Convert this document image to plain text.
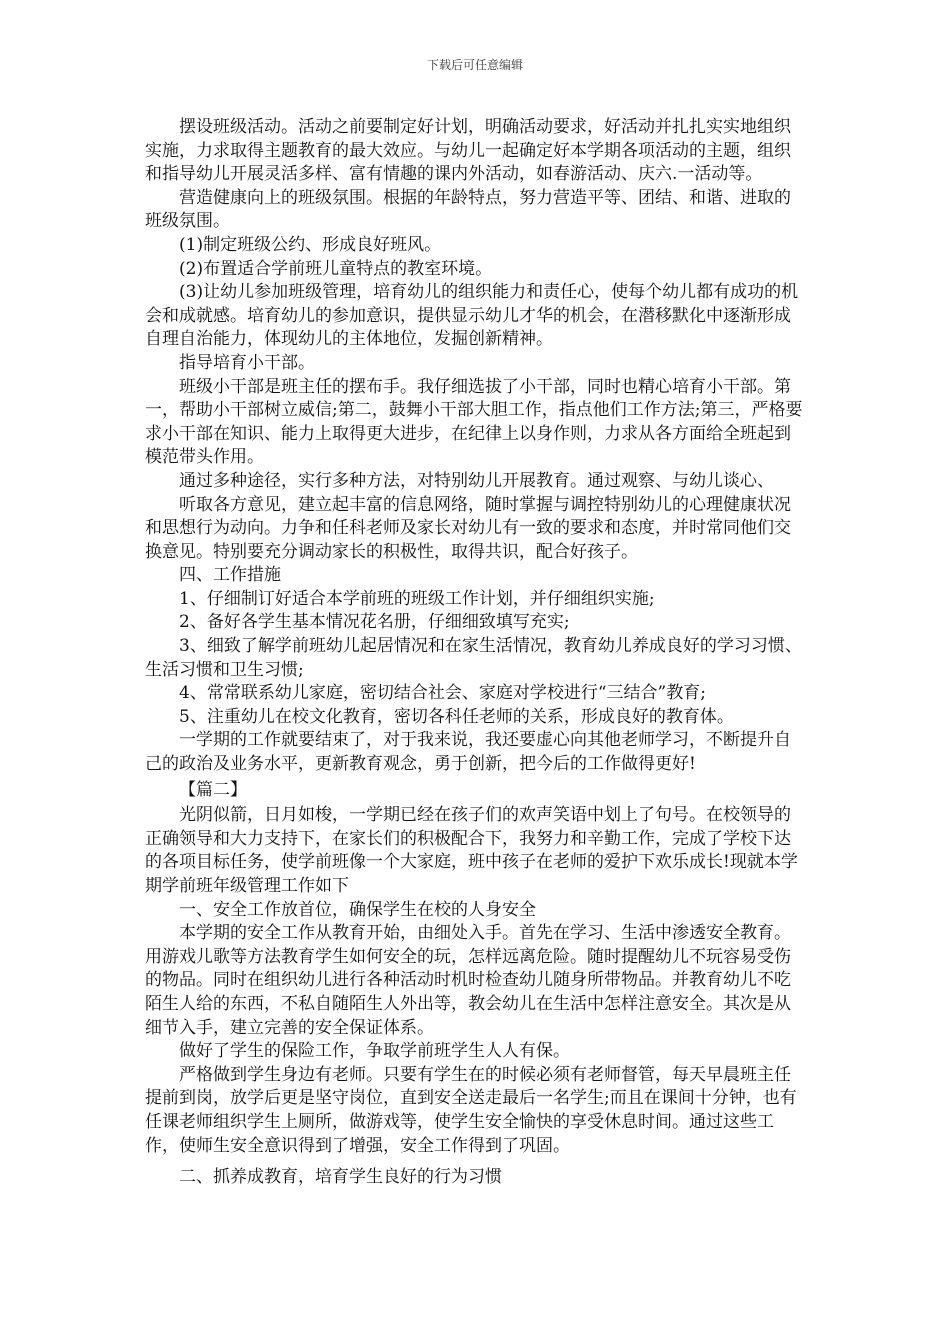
下载后可任意编辑

摆设班级活动。活动之前要制定好计划，明确活动要求，好活动并扎扎实实地组织实施，力求取得主题教育的最大效应。与幼儿一起确定好本学期各项活动的主题，组织和指导幼儿开展灵活多样、富有情趣的课内外活动，如春游活动、庆六.一活动等。

营造健康向上的班级氛围。根据的年龄特点，努力营造平等、团结、和谐、进取的班级氛围。

(1)制定班级公约、形成良好班风。

(2)布置适合学前班儿童特点的教室环境。

(3)让幼儿参加班级管理，培育幼儿的组织能力和责任心，使每个幼儿都有成功的机会和成就感。培育幼儿的参加意识，提供显示幼儿才华的机会，在潜移默化中逐渐形成自理自治能力，体现幼儿的主体地位，发掘创新精神。

指导培育小干部。

班级小干部是班主任的摆布手。我仔细选拔了小干部，同时也精心培育小干部。第一，帮助小干部树立威信;第二，鼓舞小干部大胆工作，指点他们工作方法;第三，严格要求小干部在知识、能力上取得更大进步，在纪律上以身作则，力求从各方面给全班起到模范带头作用。

通过多种途径，实行多种方法，对特别幼儿开展教育。通过观察、与幼儿谈心、

听取各方意见，建立起丰富的信息网络，随时掌握与调控特别幼儿的心理健康状况和思想行为动向。力争和任科老师及家长对幼儿有一致的要求和态度，并时常同他们交换意见。特别要充分调动家长的积极性，取得共识，配合好孩子。

四、工作措施

1、仔细制订好适合本学前班的班级工作计划，并仔细组织实施;

2、备好各学生基本情况花名册，仔细细致填写充实;

3、细致了解学前班幼儿起居情况和在家生活情况，教育幼儿养成良好的学习习惯、生活习惯和卫生习惯;

4、常常联系幼儿家庭，密切结合社会、家庭对学校进行“三结合”教育;

5、注重幼儿在校文化教育，密切各科任老师的关系，形成良好的教育体。

一学期的工作就要结束了，对于我来说，我还要虚心向其他老师学习，不断提升自己的政治及业务水平，更新教育观念，勇于创新，把今后的工作做得更好!

【篇二】

光阴似箭，日月如梭，一学期已经在孩子们的欢声笑语中划上了句号。在校领导的正确领导和大力支持下，在家长们的积极配合下，我努力和辛勤工作，完成了学校下达的各项目标任务，使学前班像一个大家庭，班中孩子在老师的爱护下欢乐成长!现就本学期学前班年级管理工作如下

一、安全工作放首位，确保学生在校的人身安全

本学期的安全工作从教育开始，由细处入手。首先在学习、生活中渗透安全教育。用游戏儿歌等方法教育学生如何安全的玩，怎样远离危险。随时提醒幼儿不玩容易受伤的物品。同时在组织幼儿进行各种活动时机时检查幼儿随身所带物品。并教育幼儿不吃陌生人给的东西，不私自随陌生人外出等，教会幼儿在生活中怎样注意安全。其次是从细节入手，建立完善的安全保证体系。

做好了学生的保险工作，争取学前班学生人人有保。

严格做到学生身边有老师。只要有学生在的时候必须有老师督管，每天早晨班主任提前到岗，放学后更是坚守岗位，直到安全送走最后一名学生;而且在课间十分钟，也有任课老师组织学生上厕所，做游戏等，使学生安全愉快的享受休息时间。通过这些工作，使师生安全意识得到了增强，安全工作得到了巩固。

二、抓养成教育，培育学生良好的行为习惯
